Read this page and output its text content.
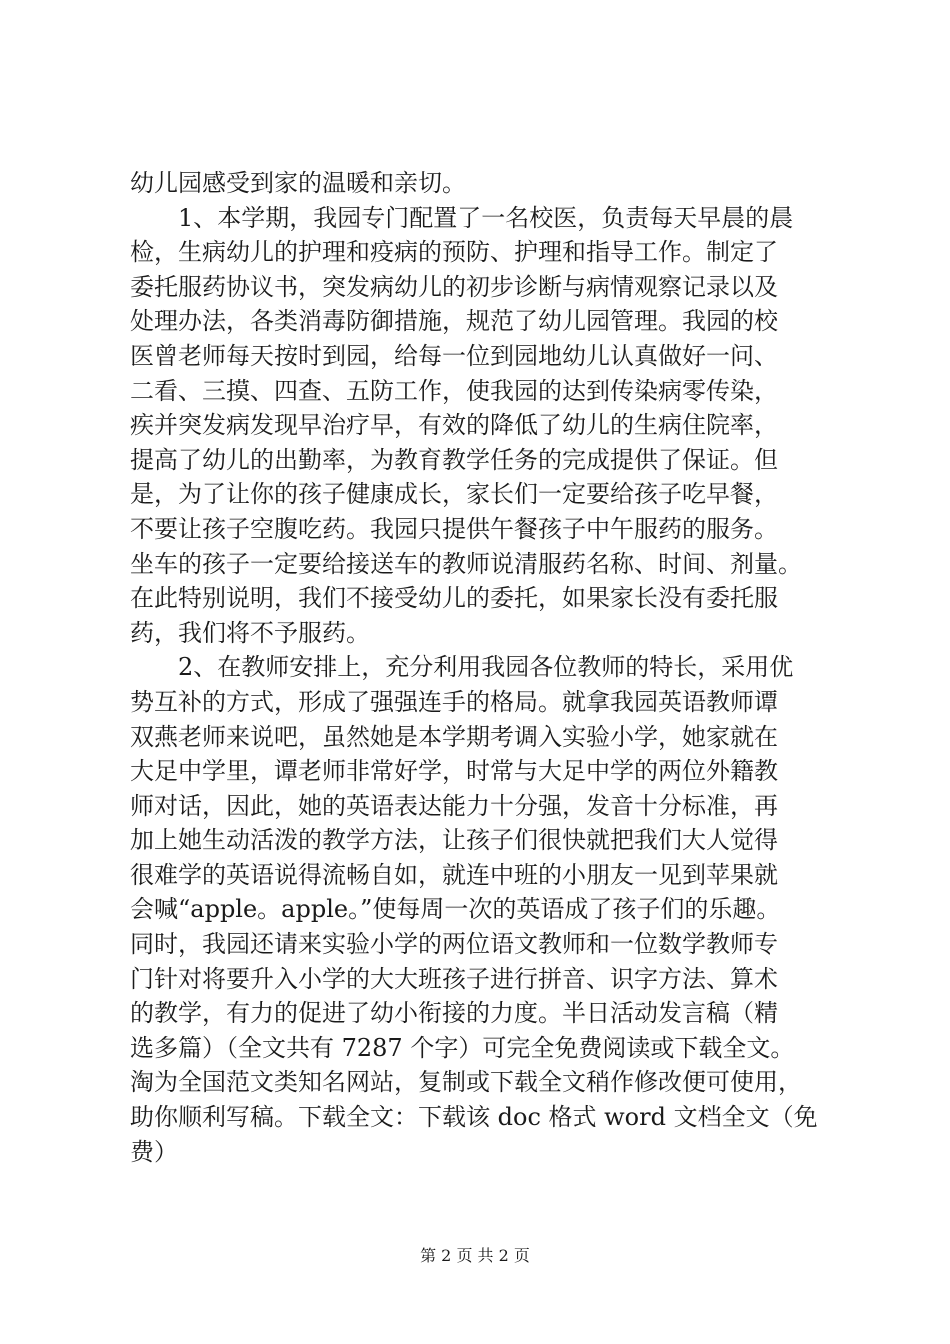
幼儿园感受到家的温暖和亲切。
1、本学期，我园专门配置了一名校医，负责每天早晨的晨
检，生病幼儿的护理和疫病的预防、护理和指导工作。制定了
委托服药协议书，突发病幼儿的初步诊断与病情观察记录以及
处理办法，各类消毒防御措施，规范了幼儿园管理。我园的校
医曾老师每天按时到园，给每一位到园地幼儿认真做好一问、
二看、三摸、四查、五防工作，使我园的达到传染病零传染，
疾并突发病发现早治疗早，有效的降低了幼儿的生病住院率，
提高了幼儿的出勤率，为教育教学任务的完成提供了保证。但
是，为了让你的孩子健康成长，家长们一定要给孩子吃早餐，
不要让孩子空腹吃药。我园只提供午餐孩子中午服药的服务。
坐车的孩子一定要给接送车的教师说清服药名称、时间、剂量。
在此特别说明，我们不接受幼儿的委托，如果家长没有委托服
药，我们将不予服药。
2、在教师安排上，充分利用我园各位教师的特长，采用优
势互补的方式，形成了强强连手的格局。就拿我园英语教师谭
双燕老师来说吧，虽然她是本学期考调入实验小学，她家就在
大足中学里，谭老师非常好学，时常与大足中学的两位外籍教
师对话，因此，她的英语表达能力十分强，发音十分标准，再
加上她生动活泼的教学方法，让孩子们很快就把我们大人觉得
很难学的英语说得流畅自如，就连中班的小朋友一见到苹果就
会喊“apple。apple。”使每周一次的英语成了孩子们的乐趣。
同时，我园还请来实验小学的两位语文教师和一位数学教师专
门针对将要升入小学的大大班孩子进行拼音、识字方法、算术
的教学，有力的促进了幼小衔接的力度。半日活动发言稿（精
选多篇）（全文共有 7287 个字）可完全免费阅读或下载全文。
淘为全国范文类知名网站，复制或下载全文稍作修改便可使用，
助你顺利写稿。下载全文：下载该 doc 格式 word 文档全文（免
费）
第 2 页 共 2 页
